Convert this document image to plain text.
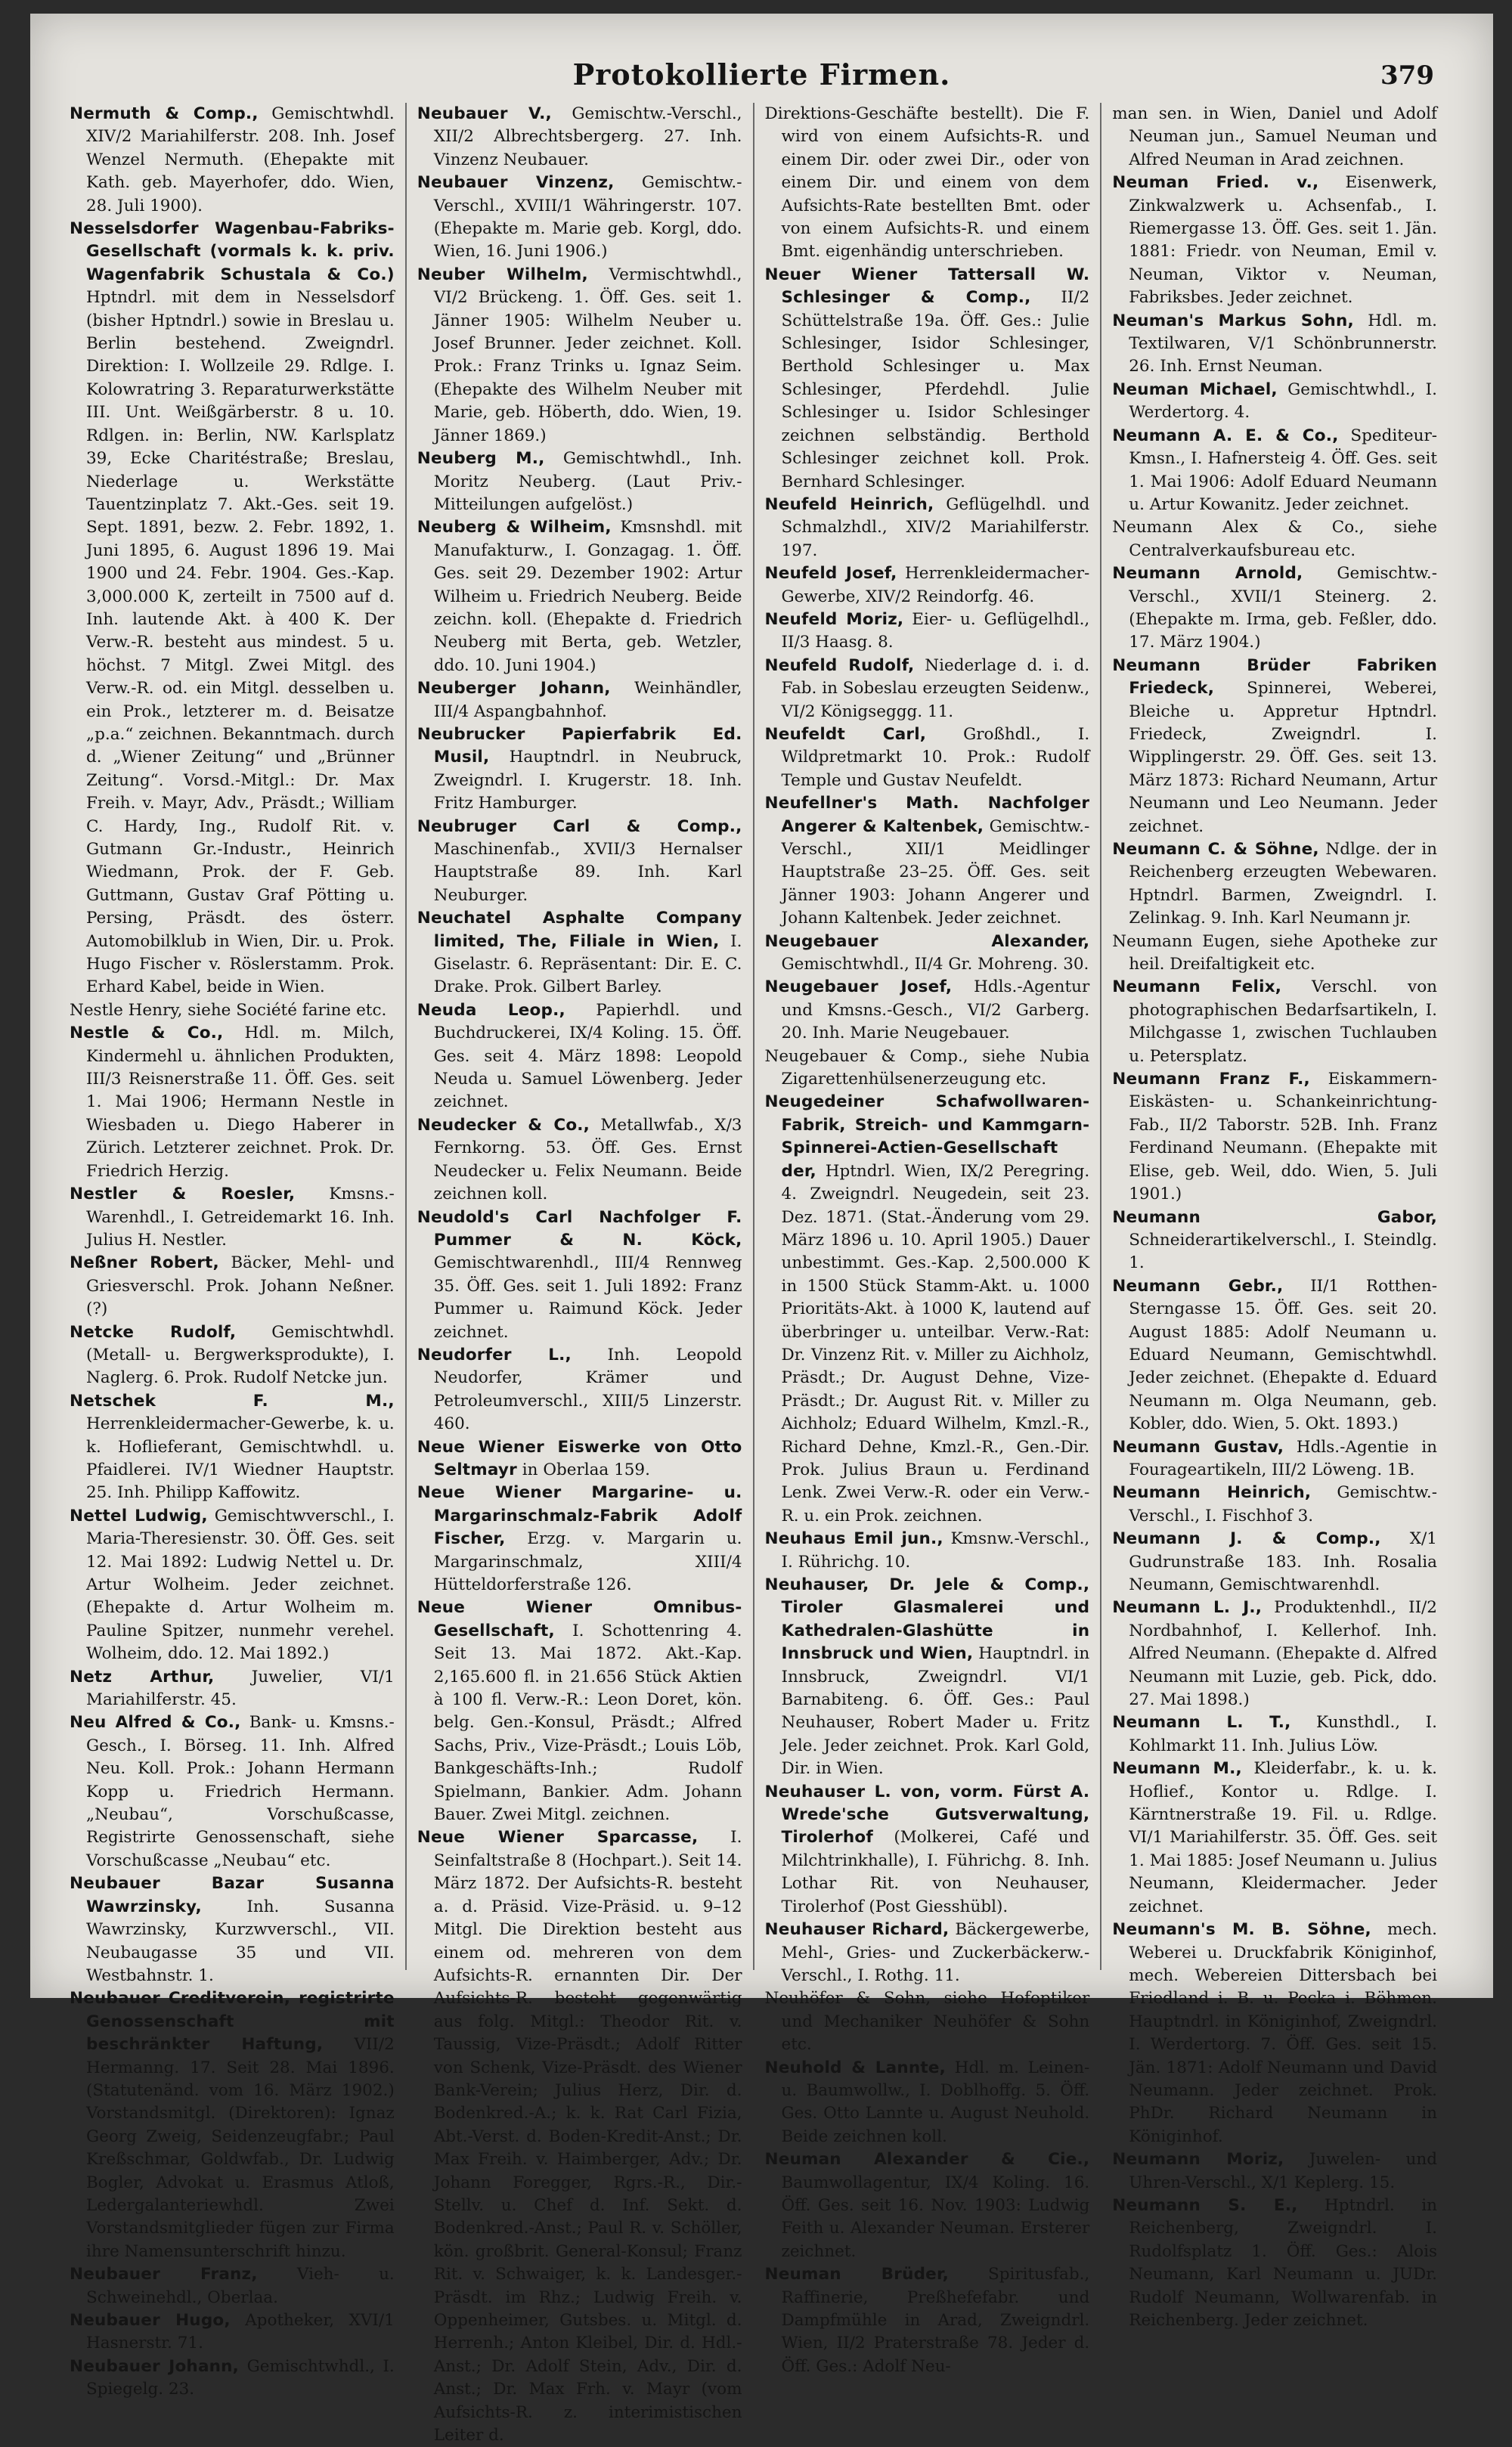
Protokollierte Firmen.	379

Nermuth & Comp., Gemischtwhdl. XIV/2 Mariahilferstr. 208. Inh. Josef Wenzel Nermuth. (Ehepakte mit Kath. geb. Mayerhofer, ddo. Wien, 28. Juli 1900).

Nesselsdorfer Wagenbau-Fabriks-Gesellschaft (vormals k. k. priv. Wagenfabrik Schustala & Co.) Hptndrl. mit dem in Nesselsdorf (bisher Hptndrl.) sowie in Breslau u. Berlin bestehend. Zweigndrl. Direktion: I. Wollzeile 29. Rdlge. I. Kolowratring 3. Reparaturwerkstätte III. Unt. Weißgärberstr. 8 u. 10. Rdlgen. in: Berlin, NW. Karlsplatz 39, Ecke Charitéstraße; Breslau, Niederlage u. Werkstätte Tauentzinplatz 7. Akt.-Ges. seit 19. Sept. 1891, bezw. 2. Febr. 1892, 1. Juni 1895, 6. August 1896 19. Mai 1900 und 24. Febr. 1904. Ges.-Kap. 3,000.000 K, zerteilt in 7500 auf d. Inh. lautende Akt. à 400 K. Der Verw.-R. besteht aus mindest. 5 u. höchst. 7 Mitgl. Zwei Mitgl. des Verw.-R. od. ein Mitgl. desselben u. ein Prok., letzterer m. d. Beisatze „p.a.“ zeichnen. Bekanntmach. durch d. „Wiener Zeitung“ und „Brünner Zeitung“. Vorsd.-Mitgl.: Dr. Max Freih. v. Mayr, Adv., Präsdt.; William C. Hardy, Ing., Rudolf Rit. v. Gutmann Gr.-Industr., Heinrich Wiedmann, Prok. der F. Geb. Guttmann, Gustav Graf Pötting u. Persing, Präsdt. des österr. Automobilklub in Wien, Dir. u. Prok. Hugo Fischer v. Röslerstamm. Prok. Erhard Kabel, beide in Wien.

Nestle Henry, siehe Société farine etc.

Nestle & Co., Hdl. m. Milch, Kindermehl u. ähnlichen Produkten, III/3 Reisnerstraße 11. Öff. Ges. seit 1. Mai 1906; Hermann Nestle in Wiesbaden u. Diego Haberer in Zürich. Letzterer zeichnet. Prok. Dr. Friedrich Herzig.

Nestler & Roesler, Kmsns.-Warenhdl., I. Getreidemarkt 16. Inh. Julius H. Nestler.

Neßner Robert, Bäcker, Mehl- und Griesverschl. Prok. Johann Neßner. (?)

Netcke Rudolf, Gemischtwhdl. (Metall- u. Bergwerksprodukte), I. Naglerg. 6. Prok. Rudolf Netcke jun.

Netschek F. M., Herrenkleidermacher-Gewerbe, k. u. k. Hoflieferant, Gemischtwhdl. u. Pfaidlerei. IV/1 Wiedner Hauptstr. 25. Inh. Philipp Kaffowitz.

Nettel Ludwig, Gemischtwverschl., I. Maria-Theresienstr. 30. Öff. Ges. seit 12. Mai 1892: Ludwig Nettel u. Dr. Artur Wolheim. Jeder zeichnet. (Ehepakte d. Artur Wolheim m. Pauline Spitzer, nunmehr verehel. Wolheim, ddo. 12. Mai 1892.)

Netz Arthur, Juwelier, VI/1 Mariahilferstr. 45.

Neu Alfred & Co., Bank- u. Kmsns.-Gesch., I. Börseg. 11. Inh. Alfred Neu. Koll. Prok.: Johann Hermann Kopp u. Friedrich Hermann. „Neubau“, Vorschußcasse, Registrirte Genossenschaft, siehe Vorschußcasse „Neubau“ etc.

Neubauer Bazar Susanna Wawrzinsky,	Inh. Susanna Wawrzinsky, Kurzwverschl., VII. Neubaugasse 35 und VII. Westbahnstr. 1.

Neubauer Creditverein, registrirte Genossenschaft mit beschränkter Haftung, VII/2 Hermanng. 17. Seit 28. Mai 1896. (Statutenänd. vom 16. März 1902.) Vorstandsmitgl. (Direktoren): Ignaz Georg Zweig, Seidenzeugfabr.; Paul Kreßschmar, Goldwfab., Dr. Ludwig Bogler, Advokat u. Erasmus Atloß, Ledergalanteriewhdl. Zwei Vorstandsmitglieder fügen zur Firma ihre Namensunterschrift hinzu.

Neubauer Franz, Vieh- u. Schweinehdl., Oberlaa.

Neubauer Hugo, Apotheker, XVI/1 Hasnerstr. 71.

Neubauer Johann, Gemischtwhdl., I. Spiegelg. 23.

Neubauer V., Gemischtw.-Verschl., XII/2 Albrechtsbergerg. 27. Inh. Vinzenz Neubauer.

Neubauer Vinzenz, Gemischtw.-Verschl., XVIII/1 Währingerstr. 107. (Ehepakte m. Marie geb. Korgl, ddo. Wien, 16. Juni 1906.)

Neuber Wilhelm, Vermischtwhdl., VI/2 Brückeng. 1. Öff. Ges. seit 1. Jänner 1905: Wilhelm Neuber u. Josef Brunner. Jeder zeichnet. Koll. Prok.: Franz Trinks u. Ignaz Seim. (Ehepakte des Wilhelm Neuber mit Marie, geb. Höberth, ddo. Wien, 19. Jänner 1869.)

Neuberg M., Gemischtwhdl., Inh. Moritz Neuberg. (Laut Priv.-Mitteilungen aufgelöst.)

Neuberg & Wilheim, Kmsnshdl. mit Manufakturw., I. Gonzagag. 1. Öff. Ges. seit 29. Dezember 1902: Artur Wilheim u. Friedrich Neuberg. Beide zeichn. koll. (Ehepakte d. Friedrich Neuberg mit Berta, geb. Wetzler, ddo. 10. Juni 1904.)

Neuberger Johann, Weinhändler, III/4 Aspangbahnhof.

Neubrucker Papierfabrik Ed. Musil, Hauptndrl. in Neubruck, Zweigndrl. I. Krugerstr. 18. Inh. Fritz Hamburger.

Neubruger Carl & Comp., Maschinenfab., XVII/3 Hernalser Hauptstraße 89. Inh. Karl Neuburger.

Neuchatel Asphalte Company limited, The, Filiale in Wien, I. Giselastr. 6. Repräsentant: Dir. E. C. Drake. Prok. Gilbert Barley.

Neuda Leop., Papierhdl. und Buchdruckerei, IX/4 Koling. 15. Öff. Ges. seit 4. März 1898: Leopold Neuda u. Samuel Löwenberg. Jeder zeichnet.

Neudecker & Co., Metallwfab., X/3 Fernkorng. 53. Öff. Ges. Ernst Neudecker u. Felix Neumann. Beide zeichnen koll.

Neudold's Carl Nachfolger F. Pummer & N. Köck, Gemischtwarenhdl., III/4 Rennweg 35. Öff. Ges. seit 1. Juli 1892: Franz Pummer u. Raimund Köck. Jeder zeichnet.

Neudorfer L., Inh. Leopold Neudorfer, Krämer und Petroleumverschl., XIII/5 Linzerstr. 460.

Neue Wiener Eiswerke von Otto Seltmayr in Oberlaa 159.

Neue Wiener Margarine- u. Margarinschmalz-Fabrik Adolf Fischer, Erzg. v. Margarin u. Margarinschmalz, XIII/4 Hütteldorferstraße 126.

Neue Wiener Omnibus-Gesellschaft, I. Schottenring 4. Seit 13. Mai 1872. Akt.-Kap. 2,165.600 fl. in 21.656 Stück Aktien à 100 fl. Verw.-R.: Leon Doret, kön. belg. Gen.-Konsul, Präsdt.; Alfred Sachs, Priv., Vize-Präsdt.; Louis Löb, Bankgeschäfts-Inh.; Rudolf Spielmann, Bankier. Adm. Johann Bauer. Zwei Mitgl. zeichnen.

Neue Wiener Sparcasse, I. Seinfaltstraße 8 (Hochpart.). Seit 14. März 1872. Der Aufsichts-R. besteht a. d. Präsid. Vize-Präsid. u. 9–12 Mitgl. Die Direktion besteht aus einem od. mehreren von dem Aufsichts-R. ernannten Dir. Der Aufsichts-R. besteht gegenwärtig aus folg. Mitgl.: Theodor Rit. v. Taussig, Vize-Präsdt.; Adolf Ritter von Schenk, Vize-Präsdt. des Wiener Bank-Verein; Julius Herz, Dir. d. Bodenkred.-A.; k. k. Rat Carl Fizia, Abt.-Verst. d. Boden-Kredit-Anst.; Dr. Max Freih. v. Haimberger, Adv.; Dr. Johann Foregger, Rgrs.-R., Dir.-Stellv. u. Chef d. Inf. Sekt. d. Bodenkred.-Anst.; Paul R. v. Schöller, kön. großbrit. General-Konsul; Franz Rit. v. Schwaiger, k. k. Landesger.-Präsdt. im Rhz.; Ludwig Freih. v. Oppenheimer, Gutsbes. u. Mitgl. d. Herrenh.; Anton Kleibel, Dir. d. Hdl.-Anst.; Dr. Adolf Stein, Adv., Dir. d. Anst.; Dr. Max Frh. v. Mayr (vom Aufsichts-R. z. interimistischen Leiter d.

Direktions-Geschäfte bestellt). Die F. wird von einem Aufsichts-R. und einem Dir. oder zwei Dir., oder von einem Dir. und einem von dem Aufsichts-Rate bestellten Bmt. oder von einem Aufsichts-R. und einem Bmt. eigenhändig unterschrieben.

Neuer Wiener Tattersall W. Schlesinger & Comp., II/2 Schüttelstraße 19a. Öff. Ges.: Julie Schlesinger, Isidor Schlesinger, Berthold Schlesinger u. Max Schlesinger, Pferdehdl. Julie Schlesinger u. Isidor Schlesinger zeichnen selbständig. Berthold Schlesinger zeichnet koll. Prok. Bernhard Schlesinger.

Neufeld Heinrich, Geflügelhdl. und Schmalzhdl., XIV/2 Mariahilferstr. 197.

Neufeld Josef, Herrenkleidermacher-Gewerbe, XIV/2 Reindorfg. 46.

Neufeld Moriz, Eier- u. Geflügelhdl., II/3 Haasg. 8.

Neufeld Rudolf, Niederlage d. i. d. Fab. in Sobeslau erzeugten Seidenw., VI/2 Königseggg. 11.

Neufeldt Carl, Großhdl., I. Wildpretmarkt 10. Prok.: Rudolf Temple und Gustav Neufeldt.

Neufellner's Math. Nachfolger Angerer & Kaltenbek, Gemischtw.-Verschl., XII/1 Meidlinger Hauptstraße 23–25. Öff. Ges. seit Jänner 1903: Johann Angerer und Johann Kaltenbek. Jeder zeichnet.

Neugebauer Alexander, Gemischtwhdl., II/4 Gr. Mohreng. 30.

Neugebauer Josef, Hdls.-Agentur und Kmsns.-Gesch., VI/2 Garberg. 20. Inh. Marie Neugebauer.

Neugebauer & Comp., siehe Nubia Zigarettenhülsenerzeugung etc.

Neugedeiner Schafwollwaren-Fabrik, Streich- und Kammgarn-Spinnerei-Actien-Gesellschaft der, Hptndrl. Wien, IX/2 Peregring. 4. Zweigndrl. Neugedein, seit 23. Dez. 1871. (Stat.-Änderung vom 29. März 1896 u. 10. April 1905.) Dauer unbestimmt. Ges.-Kap. 2,500.000 K in 1500 Stück Stamm-Akt. u. 1000 Prioritäts-Akt. à 1000 K, lautend auf überbringer u. unteilbar. Verw.-Rat: Dr. Vinzenz Rit. v. Miller zu Aichholz, Präsdt.; Dr. August Dehne, Vize-Präsdt.; Dr. August Rit. v. Miller zu Aichholz; Eduard Wilhelm, Kmzl.-R., Richard Dehne, Kmzl.-R., Gen.-Dir. Prok. Julius Braun u. Ferdinand Lenk. Zwei Verw.-R. oder ein Verw.-R. u. ein Prok. zeichnen.

Neuhaus Emil jun., Kmsnw.-Verschl., I. Rührichg. 10.

Neuhauser, Dr. Jele & Comp., Tiroler Glasmalerei und Kathedralen-Glashütte in Innsbruck und Wien, Hauptndrl. in Innsbruck, Zweigndrl. VI/1 Barnabiteng. 6. Öff. Ges.: Paul Neuhauser, Robert Mader u. Fritz Jele. Jeder zeichnet. Prok. Karl Gold, Dir. in Wien.

Neuhauser L. von, vorm. Fürst A. Wrede'sche Gutsverwaltung, Tirolerhof (Molkerei, Café und Milchtrinkhalle), I. Führichg. 8. Inh. Lothar Rit. von Neuhauser, Tirolerhof (Post Giesshübl).

Neuhauser Richard, Bäckergewerbe, Mehl-, Gries- und Zuckerbäckerw.-Verschl., I. Rothg. 11.

Neuhöfer & Sohn, siehe Hofoptiker und Mechaniker Neuhöfer & Sohn etc.

Neuhold & Lannte, Hdl. m. Leinen- u. Baumwollw., I. Doblhoffg. 5. Öff. Ges. Otto Lannte u. August Neuhold. Beide zeichnen koll.

Neuman Alexander & Cie., Baumwollagentur, IX/4 Koling. 16. Öff. Ges. seit 16. Nov. 1903: Ludwig Feith u. Alexander Neuman. Ersterer zeichnet.

Neuman Brüder, Spiritusfab., Raffinerie, Preßhefefabr. und Dampfmühle in Arad, Zweigndrl. Wien, II/2 Praterstraße 78. Jeder d. Öff. Ges.: Adolf Neu-

man sen. in Wien, Daniel und Adolf Neuman jun., Samuel Neuman und Alfred Neuman in Arad zeichnen.

Neuman Fried. v., Eisenwerk, Zinkwalzwerk u. Achsenfab., I. Riemergasse 13. Öff. Ges. seit 1. Jän. 1881: Friedr. von Neuman, Emil v. Neuman, Viktor v. Neuman, Fabriksbes. Jeder zeichnet.

Neuman's Markus Sohn, Hdl. m. Textilwaren, V/1 Schönbrunnerstr. 26. Inh. Ernst Neuman.

Neuman Michael, Gemischtwhdl., I. Werdertorg. 4.

Neumann A. E. & Co., Spediteur-Kmsn., I. Hafnersteig 4. Öff. Ges. seit 1. Mai 1906: Adolf Eduard Neumann u. Artur Kowanitz. Jeder zeichnet.

Neumann Alex & Co., siehe Centralverkaufsbureau etc.

Neumann Arnold, Gemischtw.-Verschl., XVII/1 Steinerg. 2. (Ehepakte m. Irma, geb. Feßler, ddo. 17. März 1904.)

Neumann Brüder Fabriken Friedeck, Spinnerei, Weberei, Bleiche u. Appretur Hptndrl. Friedeck, Zweigndrl. I. Wipplingerstr. 29. Öff. Ges. seit 13. März 1873: Richard Neumann, Artur Neumann und Leo Neumann. Jeder zeichnet.

Neumann C. & Söhne, Ndlge. der in Reichenberg erzeugten Webewaren. Hptndrl. Barmen, Zweigndrl. I. Zelinkag. 9. Inh. Karl Neumann jr.

Neumann Eugen, siehe Apotheke zur heil. Dreifaltigkeit etc.

Neumann Felix, Verschl. von photographischen Bedarfsartikeln, I. Milchgasse 1, zwischen Tuchlauben u. Petersplatz.

Neumann Franz F., Eiskammern-Eiskästen- u. Schankeinrichtung-Fab., II/2 Taborstr. 52B. Inh. Franz Ferdinand Neumann. (Ehepakte mit Elise, geb. Weil, ddo. Wien, 5. Juli 1901.)

Neumann Gabor, Schneiderartikelverschl., I. Steindlg. 1.

Neumann Gebr., II/1 Rotthen-Sterngasse 15. Öff. Ges. seit 20. August 1885: Adolf Neumann u. Eduard Neumann, Gemischtwhdl. Jeder zeichnet. (Ehepakte d. Eduard Neumann m. Olga Neumann, geb. Kobler, ddo. Wien, 5. Okt. 1893.)

Neumann Gustav, Hdls.-Agentie in Fourageartikeln, III/2 Löweng. 1B.

Neumann Heinrich, Gemischtw.-Verschl., I. Fischhof 3.

Neumann J. & Comp., X/1 Gudrunstraße 183. Inh. Rosalia Neumann, Gemischtwarenhdl.

Neumann L. J., Produktenhdl., II/2 Nordbahnhof, I. Kellerhof. Inh. Alfred Neumann. (Ehepakte d. Alfred Neumann mit Luzie, geb. Pick, ddo. 27. Mai 1898.)

Neumann L. T., Kunsthdl., I. Kohlmarkt 11. Inh. Julius Löw.

Neumann M., Kleiderfabr., k. u. k. Hoflief., Kontor u. Rdlge. I. Kärntnerstraße 19. Fil. u. Rdlge. VI/1 Mariahilferstr. 35. Öff. Ges. seit 1. Mai 1885: Josef Neumann u. Julius Neumann, Kleidermacher. Jeder zeichnet.

Neumann's M. B. Söhne, mech. Weberei u. Druckfabrik Königinhof, mech. Webereien Dittersbach bei Friedland i. B. u. Pecka i. Böhmen. Hauptndrl. in Königinhof, Zweigndrl. I. Werdertorg. 7. Öff. Ges. seit 15. Jän. 1871: Adolf Neumann und David Neumann. Jeder zeichnet. Prok. PhDr. Richard Neumann in Königinhof.

Neumann Moriz, Juwelen- und Uhren-Verschl., X/1 Keplerg. 15.

Neumann S. E., Hptndrl. in Reichenberg, Zweigndrl. I. Rudolfsplatz 1. Öff. Ges.: Alois Neumann, Karl Neumann u. JUDr. Rudolf Neumann, Wollwarenfab. in Reichenberg. Jeder zeichnet.
